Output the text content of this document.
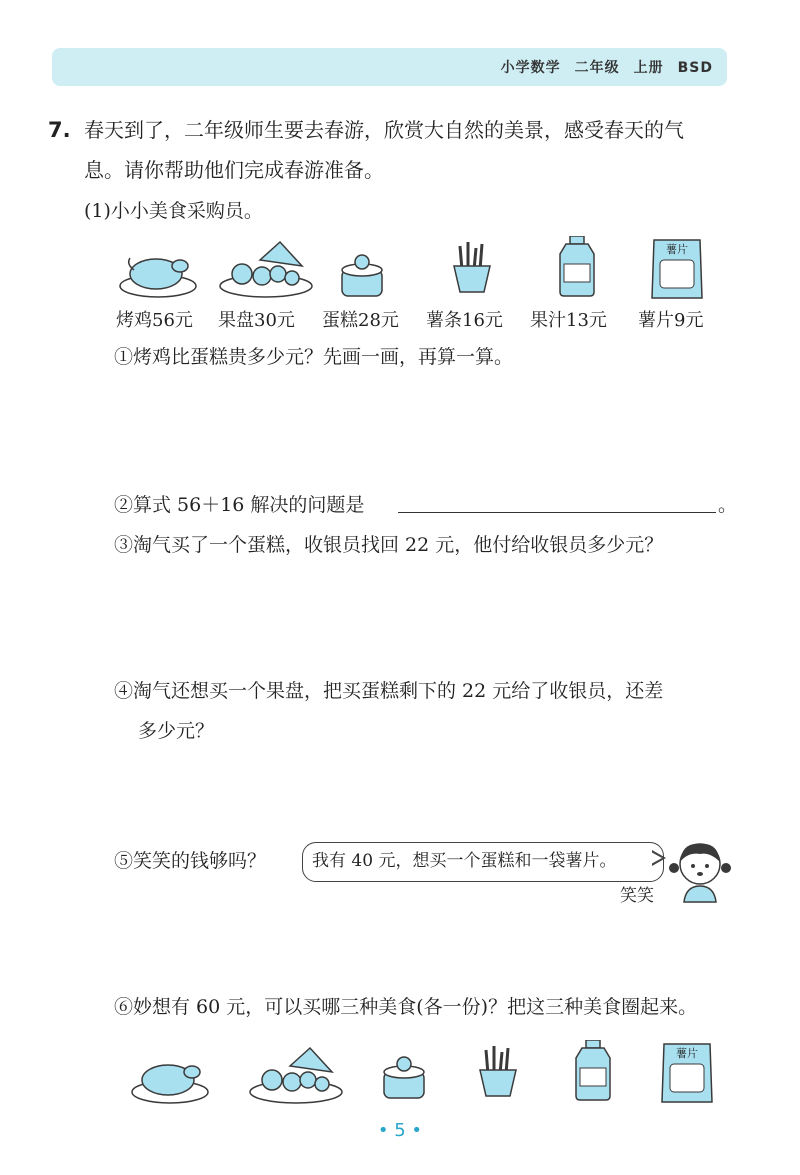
小学数学 二年级 上册 BSD
7. 春天到了，二年级师生要去春游，欣赏大自然的美景，感受春天的气
息。请你帮助他们完成春游准备。
(1)小小美食采购员。
薯片
烤鸡56元 果盘30元 蛋糕28元 薯条16元 果汁13元 薯片9元
①烤鸡比蛋糕贵多少元？先画一画，再算一算。
②算式 56＋16 解决的问题是	。
③淘气买了一个蛋糕，收银员找回 22 元，他付给收银员多少元？
④淘气还想买一个果盘，把买蛋糕剩下的 22 元给了收银员，还差
多少元？
⑤笑笑的钱够吗？	我有 40 元，想买一个蛋糕和一袋薯片。
笑笑
⑥妙想有 60 元，可以买哪三种美食(各一份)？把这三种美食圈起来。
薯片
• 5 •
